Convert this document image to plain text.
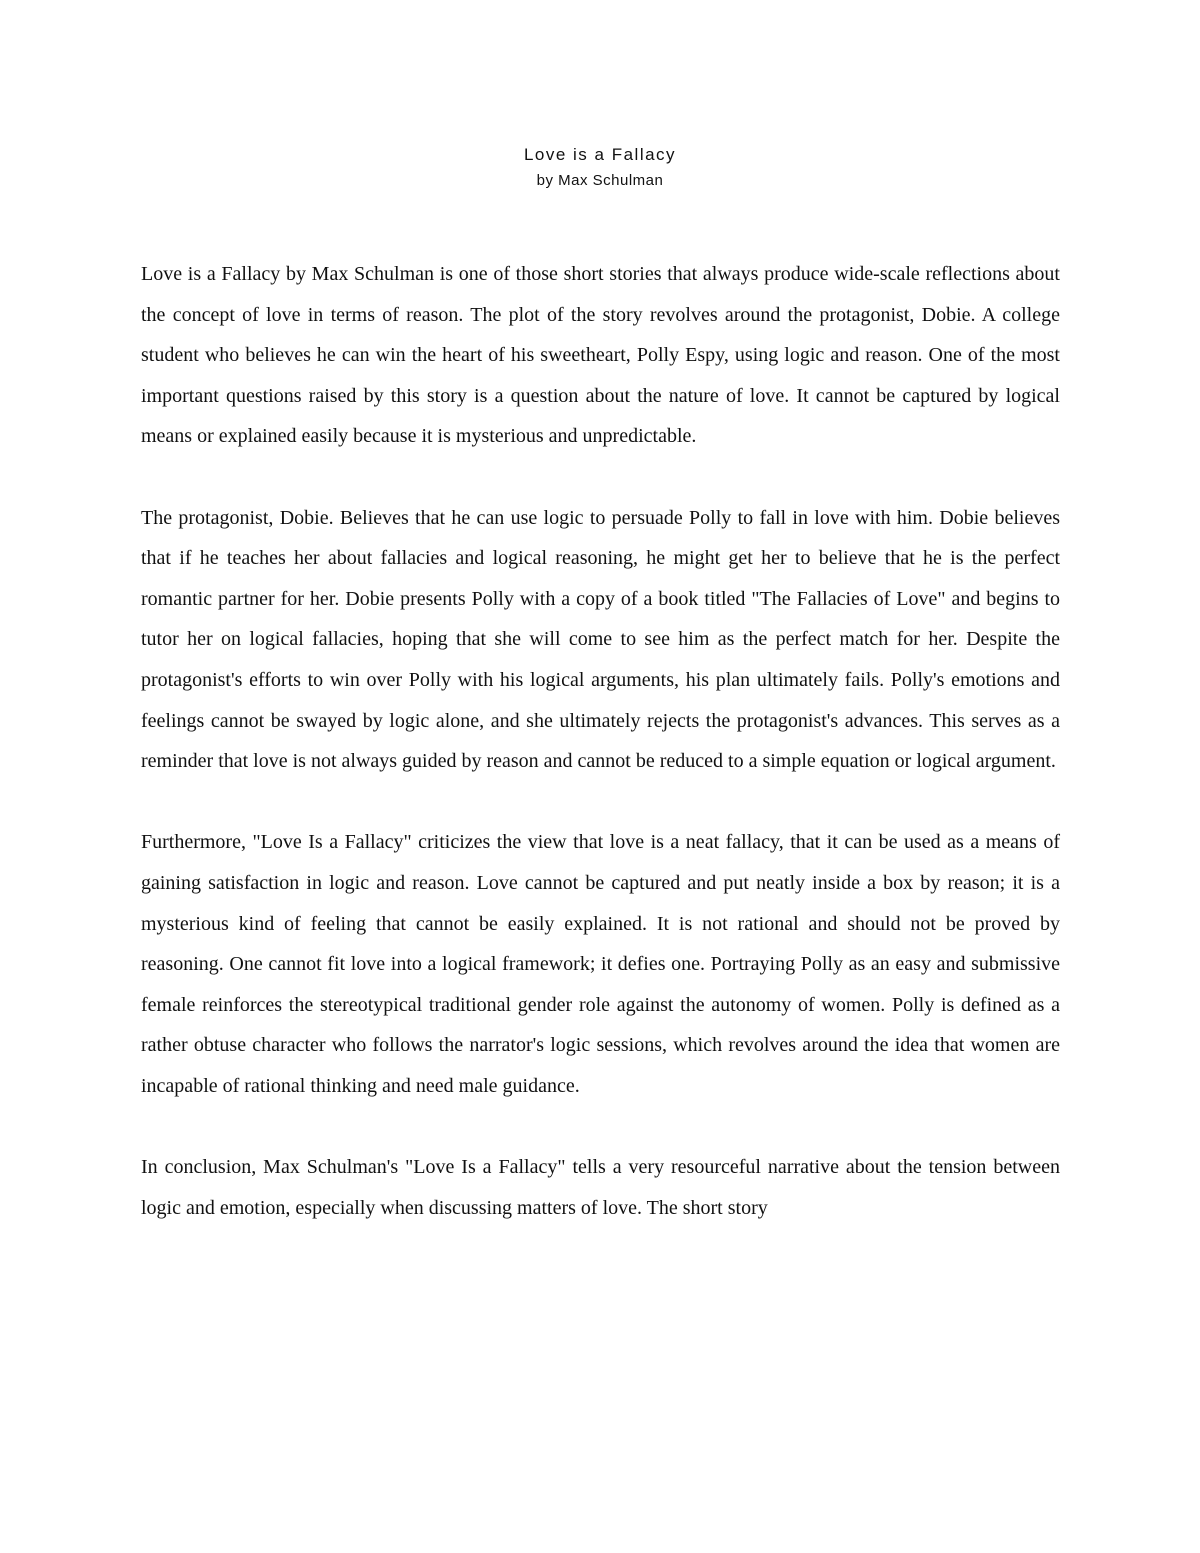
Love is a Fallacy
by Max Schulman

Love is a Fallacy by Max Schulman is one of those short stories that always produce wide-scale reflections about the concept of love in terms of reason. The plot of the story revolves around the protagonist, Dobie. A college student who believes he can win the heart of his sweetheart, Polly Espy, using logic and reason. One of the most important questions raised by this story is a question about the nature of love. It cannot be captured by logical means or explained easily because it is mysterious and unpredictable.

The protagonist, Dobie. Believes that he can use logic to persuade Polly to fall in love with him. Dobie believes that if he teaches her about fallacies and logical reasoning, he might get her to believe that he is the perfect romantic partner for her. Dobie presents Polly with a copy of a book titled "The Fallacies of Love" and begins to tutor her on logical fallacies, hoping that she will come to see him as the perfect match for her. Despite the protagonist's efforts to win over Polly with his logical arguments, his plan ultimately fails. Polly's emotions and feelings cannot be swayed by logic alone, and she ultimately rejects the protagonist's advances. This serves as a reminder that love is not always guided by reason and cannot be reduced to a simple equation or logical argument.

Furthermore, "Love Is a Fallacy" criticizes the view that love is a neat fallacy, that it can be used as a means of gaining satisfaction in logic and reason. Love cannot be captured and put neatly inside a box by reason; it is a mysterious kind of feeling that cannot be easily explained. It is not rational and should not be proved by reasoning. One cannot fit love into a logical framework; it defies one. Portraying Polly as an easy and submissive female reinforces the stereotypical traditional gender role against the autonomy of women. Polly is defined as a rather obtuse character who follows the narrator's logic sessions, which revolves around the idea that women are incapable of rational thinking and need male guidance.

In conclusion, Max Schulman's "Love Is a Fallacy" tells a very resourceful narrative about the tension between logic and emotion, especially when discussing matters of love. The short story
